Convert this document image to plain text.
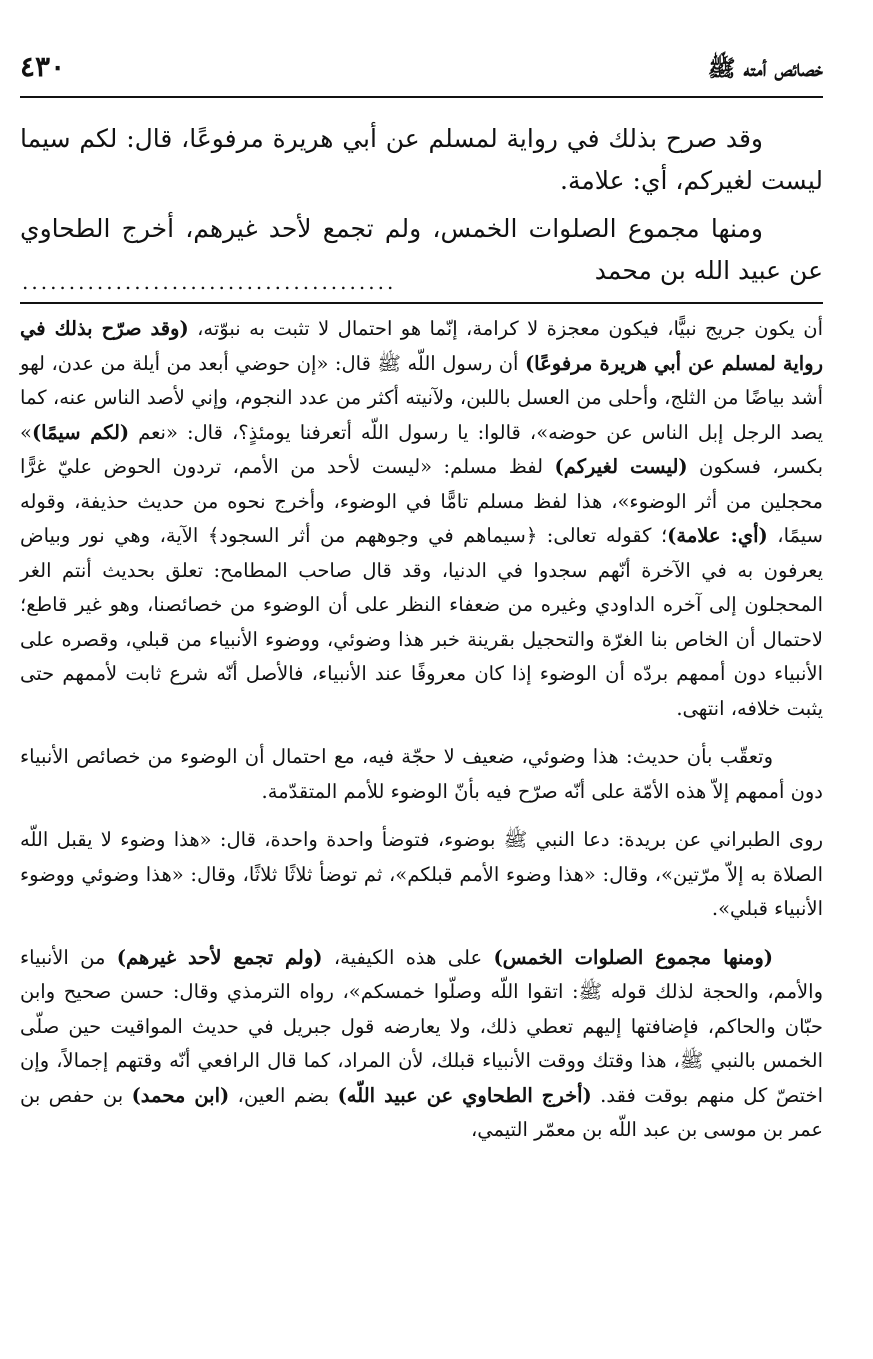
خصائص أمته ﷺ
٤٣٠

وقد صرح بذلك في رواية لمسلم عن أبي هريرة مرفوعًا، قال: لكم سيما ليست لغيركم، أي: علامة.

ومنها مجموع الصلوات الخمس، ولم تجمع لأحد غيرهم، أخرج الطحاوي عن عبيد الله بن محمد

........................................

أن يكون جريج نبيًّا، فيكون معجزة لا كرامة، إنّما هو احتمال لا تثبت به نبوّته، (وقد صرّح بذلك في رواية لمسلم عن أبي هريرة مرفوعًا) أن رسول اللّه ﷺ قال: «إن حوضي أبعد من أيلة من عدن، لهو أشد بياضًا من الثلج، وأحلى من العسل باللبن، ولآنيته أكثر من عدد النجوم، وإني لأصد الناس عنه، كما يصد الرجل إبل الناس عن حوضه»، قالوا: يا رسول اللّه أتعرفنا يومئذٍ؟، قال: «نعم (لكم سيمًا)» بكسر، فسكون (ليست لغيركم) لفظ مسلم: «ليست لأحد من الأمم، تردون الحوض عليّ غرًّا محجلين من أثر الوضوء»، هذا لفظ مسلم تامًّا في الوضوء، وأخرج نحوه من حديث حذيفة، وقوله سيمًا، (أي: علامة)؛ كقوله تعالى: ﴿سيماهم في وجوههم من أثر السجود﴾ الآية، وهي نور وبياض يعرفون به في الآخرة أنّهم سجدوا في الدنيا، وقد قال صاحب المطامح: تعلق بحديث أنتم الغر المحجلون إلى آخره الداودي وغيره من ضعفاء النظر على أن الوضوء من خصائصنا، وهو غير قاطع؛ لاحتمال أن الخاص بنا الغرّة والتحجيل بقرينة خبر هذا وضوئي، ووضوء الأنبياء من قبلي، وقصره على الأنبياء دون أممهم بردّه أن الوضوء إذا كان معروفًا عند الأنبياء، فالأصل أنّه شرع ثابت لأممهم حتى يثبت خلافه، انتهى.

وتعقّب بأن حديث: هذا وضوئي، ضعيف لا حجّة فيه، مع احتمال أن الوضوء من خصائص الأنبياء دون أممهم إلاّ هذه الأمّة على أنّه صرّح فيه بأنّ الوضوء للأمم المتقدّمة.

روى الطبراني عن بريدة: دعا النبي ﷺ بوضوء، فتوضأ واحدة واحدة، قال: «هذا وضوء لا يقبل اللّه الصلاة به إلاّ مرّتين»، وقال: «هذا وضوء الأمم قبلكم»، ثم توضأ ثلاثًا ثلاثًا، وقال: «هذا وضوئي ووضوء الأنبياء قبلي».

(ومنها مجموع الصلوات الخمس) على هذه الكيفية، (ولم تجمع لأحد غيرهم) من الأنبياء والأمم، والحجة لذلك قوله ﷺ: اتقوا اللّه وصلّوا خمسكم»، رواه الترمذي وقال: حسن صحيح وابن حبّان والحاكم، فإضافتها إليهم تعطي ذلك، ولا يعارضه قول جبريل في حديث المواقيت حين صلّى الخمس بالنبي ﷺ، هذا وقتك ووقت الأنبياء قبلك، لأن المراد، كما قال الرافعي أنّه وقتهم إجمالاً، وإن اختصّ كل منهم بوقت فقد. (أخرج الطحاوي عن عبيد اللّه) بضم العين، (ابن محمد) بن حفص بن عمر بن موسى بن عبد اللّه بن معمّر التيمي،
